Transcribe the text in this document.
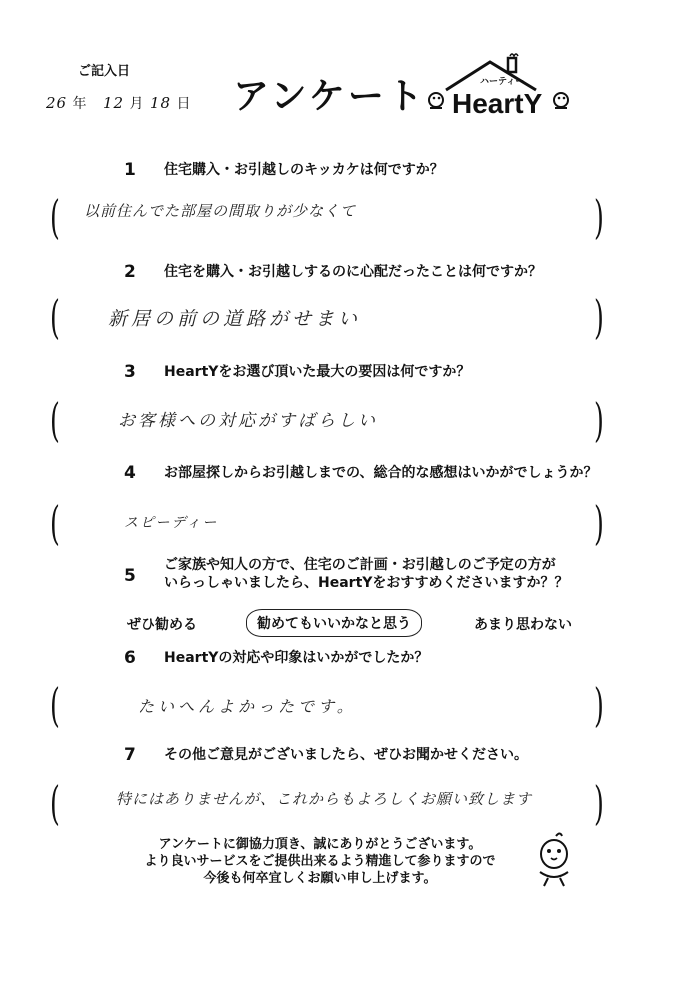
ご記入日
26 年 12 月 18 日 アンケート HeartY
ハーティー
1 住宅購入・お引越しのキッカケは何ですか？
( 以前住んでた部屋の間取りが少なくて	)
2 住宅を購入・お引越しするのに心配だったことは何ですか？
(	新居の前の道路がせまい	)
3 HeartYをお選び頂いた最大の要因は何ですか？
(	お客様への対応がすばらしい	)
4 お部屋探しからお引越しまでの、総合的な感想はいかがでしょうか？
(	スピーディー	)
5
ご家族や知人の方で、住宅のご計画・お引越しのご予定の方が
いらっしゃいましたら、HeartYをおすすめくださいますか？？
ぜひ勧める	勧めてもいいかなと思う	あまり思わない
6 HeartYの対応や印象はいかがでしたか？
(	たいへんよかったです。	)
7 その他ご意見がございましたら、ぜひお聞かせください。
(	特にはありませんが、これからもよろしくお願い致します )
アンケートに御協力頂き、誠にありがとうございます。
より良いサービスをご提供出来るよう精進して参りますので
今後も何卒宜しくお願い申し上げます。
